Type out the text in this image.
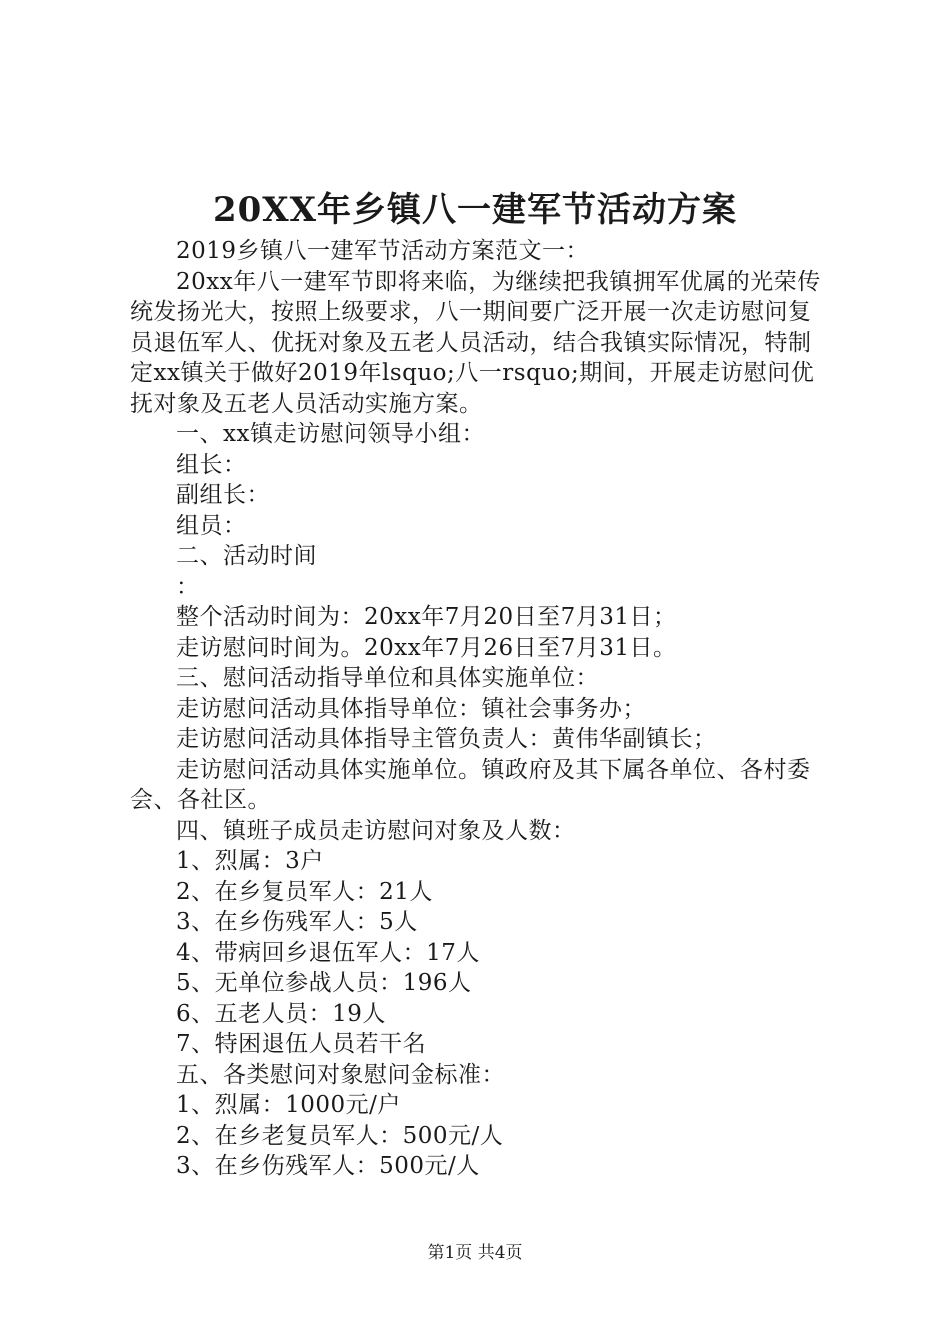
20XX年乡镇八一建军节活动方案

2019乡镇八一建军节活动方案范文一：

20xx年八一建军节即将来临，为继续把我镇拥军优属的光荣传统发扬光大，按照上级要求，八一期间要广泛开展一次走访慰问复员退伍军人、优抚对象及五老人员活动，结合我镇实际情况，特制定xx镇关于做好2019年lsquo;八一rsquo;期间，开展走访慰问优抚对象及五老人员活动实施方案。

一、xx镇走访慰问领导小组：

组长：

副组长：

组员：

二、活动时间

：

整个活动时间为：20xx年7月20日至7月31日；

走访慰问时间为。20xx年7月26日至7月31日。

三、慰问活动指导单位和具体实施单位：

走访慰问活动具体指导单位：镇社会事务办；

走访慰问活动具体指导主管负责人：黄伟华副镇长；

走访慰问活动具体实施单位。镇政府及其下属各单位、各村委会、各社区。

四、镇班子成员走访慰问对象及人数：

1、烈属：3户

2、在乡复员军人：21人

3、在乡伤残军人：5人

4、带病回乡退伍军人：17人

5、无单位参战人员：196人

6、五老人员：19人

7、特困退伍人员若干名

五、各类慰问对象慰问金标准：

1、烈属：1000元/户

2、在乡老复员军人：500元/人

3、在乡伤残军人：500元/人

第1页 共4页
